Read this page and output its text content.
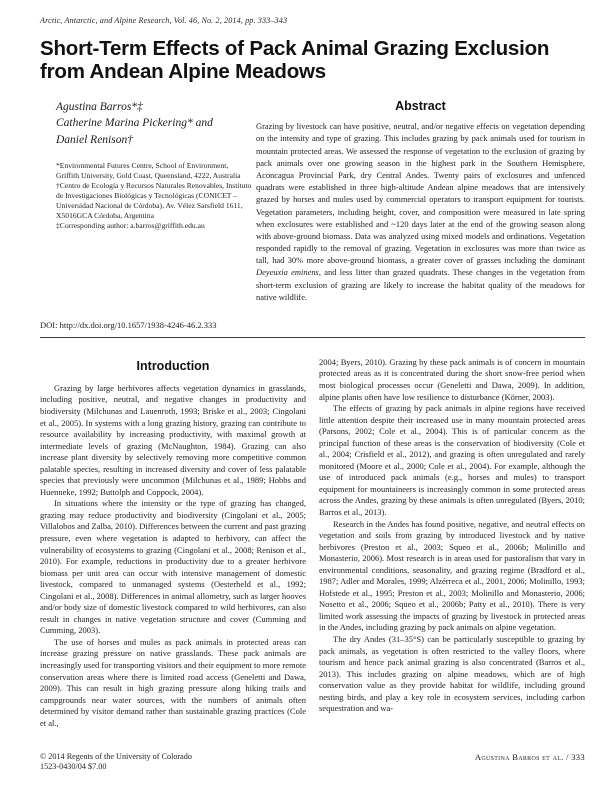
Arctic, Antarctic, and Alpine Research, Vol. 46, No. 2, 2014, pp. 333–343
Short-Term Effects of Pack Animal Grazing Exclusion from Andean Alpine Meadows
Agustina Barros*‡
Catherine Marina Pickering* and
Daniel Renison†
*Environmental Futures Centre, School of Environment, Griffith University, Gold Coast, Queensland, 4222, Australia
†Centro de Ecología y Recursos Naturales Renovables, Instituto de Investigaciones Biológicas y Tecnológicas (CONICET – Universidad Nacional de Córdoba), Av. Vélez Sarsfield 1611, X5016GCA Córdoba, Argentina
‡Corresponding author: a.barros@griffith.edu.au
Abstract
Grazing by livestock can have positive, neutral, and/or negative effects on vegetation depending on the intensity and type of grazing. This includes grazing by pack animals used for tourism in mountain protected areas. We assessed the response of vegetation to the exclusion of grazing by pack animals over one growing season in the highest park in the Southern Hemisphere, Aconcagua Provincial Park, dry Central Andes. Twenty pairs of exclosures and unfenced quadrats were established in three high-altitude Andean alpine meadows that are intensively grazed by horses and mules used by commercial operators to transport equipment for tourists. Vegetation parameters, including height, cover, and composition were measured in late spring when exclosures were established and ~120 days later at the end of the growing season along with above-ground biomass. Data was analyzed using mixed models and ordinations. Vegetation responded rapidly to the removal of grazing. Vegetation in exclosures was more than twice as tall, had 30% more above-ground biomass, a greater cover of grasses including the dominant Deyeuxia eminens, and less litter than grazed quadrats. These changes in the vegetation from short-term exclusion of grazing are likely to increase the habitat quality of the meadows for native wildlife.
DOI: http://dx.doi.org/10.1657/1938-4246-46.2.333
Introduction

Grazing by large herbivores affects vegetation dynamics in grasslands, including positive, neutral, and negative changes in productivity and biodiversity (Milchunas and Lauenroth, 1993; Briske et al., 2003; Cingolani et al., 2005). In systems with a long grazing history, grazing can contribute to resource availability by increasing productivity, with maximal growth at intermediate levels of grazing (McNaughton, 1984). Grazing can also increase plant diversity by selectively removing more competitive common palatable species, resulting in increased diversity and cover of less palatable species that previously were uncommon (Milchunas et al., 1989; Hobbs and Huenneke, 1992; Buttolph and Coppock, 2004).

In situations where the intensity or the type of grazing has changed, grazing may reduce productivity and biodiversity (Cingolani et al., 2005; Villalobos and Zalba, 2010). Differences between the current and past grazing pressure, even where vegetation is adapted to herbivory, can affect the vulnerability of ecosystems to grazing (Cingolani et al., 2008; Renison et al., 2010). For example, reductions in productivity due to a greater herbivore biomass per unit area can occur with intensive management of domestic livestock, compared to unmanaged systems (Oesterheld et al., 1992; Cingolani et al., 2008). Differences in animal allometry, such as larger hooves and/or body size of domestic livestock compared to wild herbivores, can also result in changes in native vegetation structure and cover (Cumming and Cumming, 2003).

The use of horses and mules as pack animals in protected areas can increase grazing pressure on native grasslands. These pack animals are increasingly used for transporting visitors and their equipment to more remote conservation areas where there is limited road access (Geneletti and Dawa, 2009). This can result in high grazing pressure along hiking trails and campgrounds near water sources, with the numbers of animals often determined by visitor demand rather than sustainable grazing practices (Cole et al.,

2004; Byers, 2010). Grazing by these pack animals is of concern in mountain protected areas as it is concentrated during the short snow-free period when most biological processes occur (Geneletti and Dawa, 2009). In addition, alpine plants often have low resilience to disturbance (Körner, 2003).

The effects of grazing by pack animals in alpine regions have received little attention despite their increased use in many mountain protected areas (Parsons, 2002; Cole et al., 2004). This is of particular concern as the principal function of these areas is the conservation of biodiversity (Cole et al., 2004; Crisfield et al., 2012), and grazing is often unregulated and rarely monitored (Moore et al., 2000; Cole et al., 2004). For example, although the use of introduced pack animals (e.g., horses and mules) to transport equipment for mountaineers is increasingly common in some protected areas across the Andes, grazing by these animals is often unregulated (Byers, 2010; Barros et al., 2013).

Research in the Andes has found positive, negative, and neutral effects on vegetation and soils from grazing by introduced livestock and by native herbivores (Preston et al., 2003; Squeo et al., 2006b; Molinillo and Monasterio, 2006). Most research is in areas used for pastoralism that vary in environmental conditions, seasonality, and grazing regime (Bradford et al., 1987; Adler and Morales, 1999; Alzérreca et al., 2001, 2006; Molinillo, 1993; Hofstede et al., 1995; Preston et al., 2003; Molinillo and Monasterio, 2006; Nosetto et al., 2006; Squeo et al., 2006b; Patty et al., 2010). There is very limited work assessing the impacts of grazing by livestock in protected areas in the Andes, including grazing by pack animals on alpine vegetation.

The dry Andes (31–35°S) can be particularly susceptible to grazing by pack animals, as vegetation is often restricted to the valley floors, where tourism and hence pack animal grazing is also concentrated (Barros et al., 2013). This includes grazing on alpine meadows, which are of high conservation value as they provide habitat for wildlife, including ground nesting birds, and play a key role in ecosystem services, including carbon sequestration and wa-

© 2014 Regents of the University of Colorado
1523-0430/04 $7.00
Agustina Barros et al. / 333
